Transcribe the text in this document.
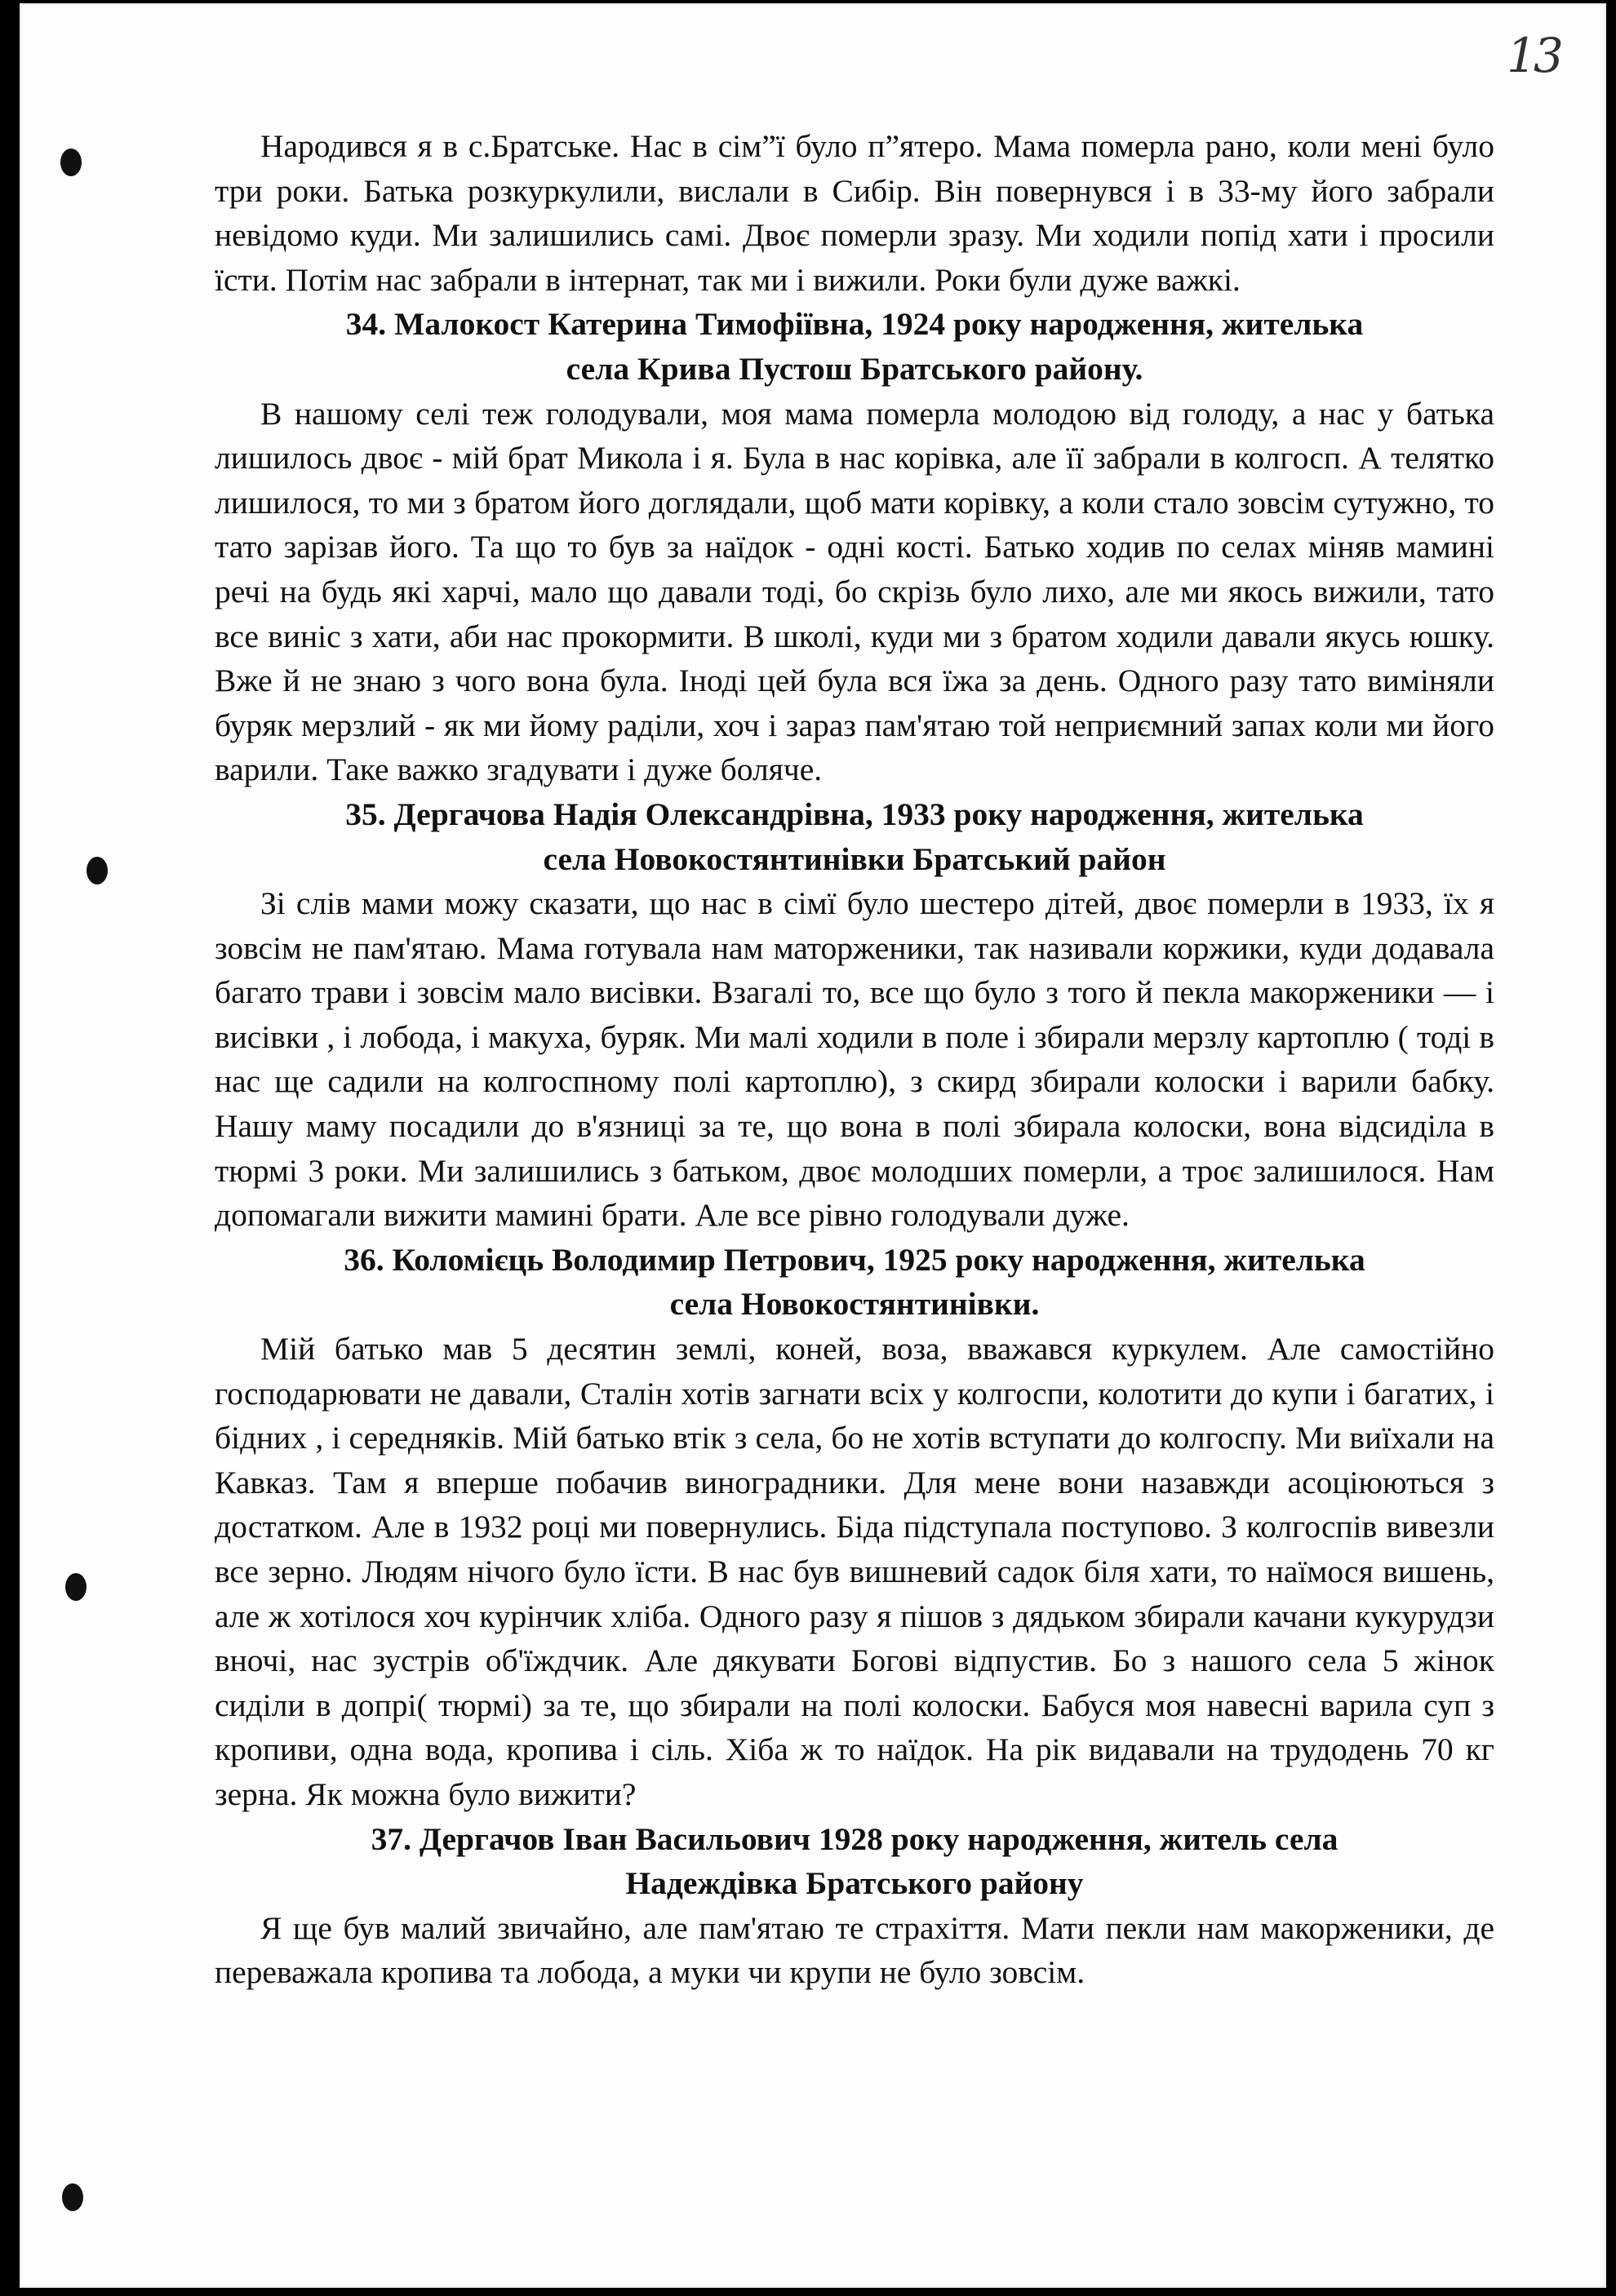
13

Народився я в с.Братське. Нас в сім”ї було п”ятеро. Мама померла рано, коли мені було три роки. Батька розкуркулили, вислали в Сибір. Він повернувся і в 33-му його забрали невідомо куди. Ми залишились самі. Двоє померли зразу. Ми ходили попід хати і просили їсти. Потім нас забрали в інтернат, так ми і вижили. Роки були дуже важкі.

34. Малокост Катерина Тимофіївна, 1924 року народження, жителька
села Крива Пустош Братського району.

В нашому селі теж голодували, моя мама померла молодою від голоду, а нас у батька лишилось двоє - мій брат Микола і я. Була в нас корівка, але її забрали в колгосп. А телятко лишилося, то ми з братом його доглядали, щоб мати корівку, а коли стало зовсім сутужно, то тато зарізав його. Та що то був за наїдок - одні кості. Батько ходив по селах міняв мамині речі на будь які харчі, мало що давали тоді, бо скрізь було лихо, але ми якось вижили, тато все виніс з хати, аби нас прокормити. В школі, куди ми з братом ходили давали якусь юшку. Вже й не знаю з чого вона була. Іноді цей була вся їжа за день. Одного разу тато виміняли буряк мерзлий - як ми йому раділи, хоч і зараз пам'ятаю той неприємний запах коли ми його варили. Таке важко згадувати і дуже боляче.

35. Дергачова Надія Олександрівна, 1933 року народження, жителька
села Новокостянтинівки Братський район

Зі слів мами можу сказати, що нас в сімї було шестеро дітей, двоє померли в 1933, їх я зовсім не пам'ятаю. Мама готувала нам маторженики, так називали коржики, куди додавала багато трави і зовсім мало висівки. Взагалі то, все що було з того й пекла макорженики — і висівки , і лобода, і макуха, буряк. Ми малі ходили в поле і збирали мерзлу картоплю ( тоді в нас ще садили на колгоспному полі картоплю), з скирд збирали колоски і варили бабку. Нашу маму посадили до в'язниці за те, що вона в полі збирала колоски, вона відсиділа в тюрмі 3 роки. Ми залишились з батьком, двоє молодших померли, а троє залишилося. Нам допомагали вижити мамині брати. Але все рівно голодували дуже.

36. Коломієць Володимир Петрович, 1925 року народження, жителька
села Новокостянтинівки.

Мій батько мав 5 десятин землі, коней, воза, вважався куркулем. Але самостійно господарювати не давали, Сталін хотів загнати всіх у колгоспи, колотити до купи і багатих, і бідних , і середняків. Мій батько втік з села, бо не хотів вступати до колгоспу. Ми виїхали на Кавказ. Там я вперше побачив виноградники. Для мене вони назавжди асоціюються з достатком. Але в 1932 році ми повернулись. Біда підступала поступово. З колгоспів вивезли все зерно. Людям нічого було їсти. В нас був вишневий садок біля хати, то наїмося вишень, але ж хотілося хоч курінчик хліба. Одного разу я пішов з дядьком збирали качани кукурудзи вночі, нас зустрів об'їждчик. Але дякувати Богові відпустив. Бо з нашого села 5 жінок сиділи в допрі( тюрмі) за те, що збирали на полі колоски. Бабуся моя навесні варила суп з кропиви, одна вода, кропива і сіль. Хіба ж то наїдок. На рік видавали на трудодень 70 кг зерна. Як можна було вижити?

37. Дергачов Іван Васильович 1928 року народження, житель села
Надеждівка Братського району

Я ще був малий звичайно, але пам'ятаю те страхіття. Мати пекли нам макорженики, де переважала кропива та лобода, а муки чи крупи не було зовсім.
